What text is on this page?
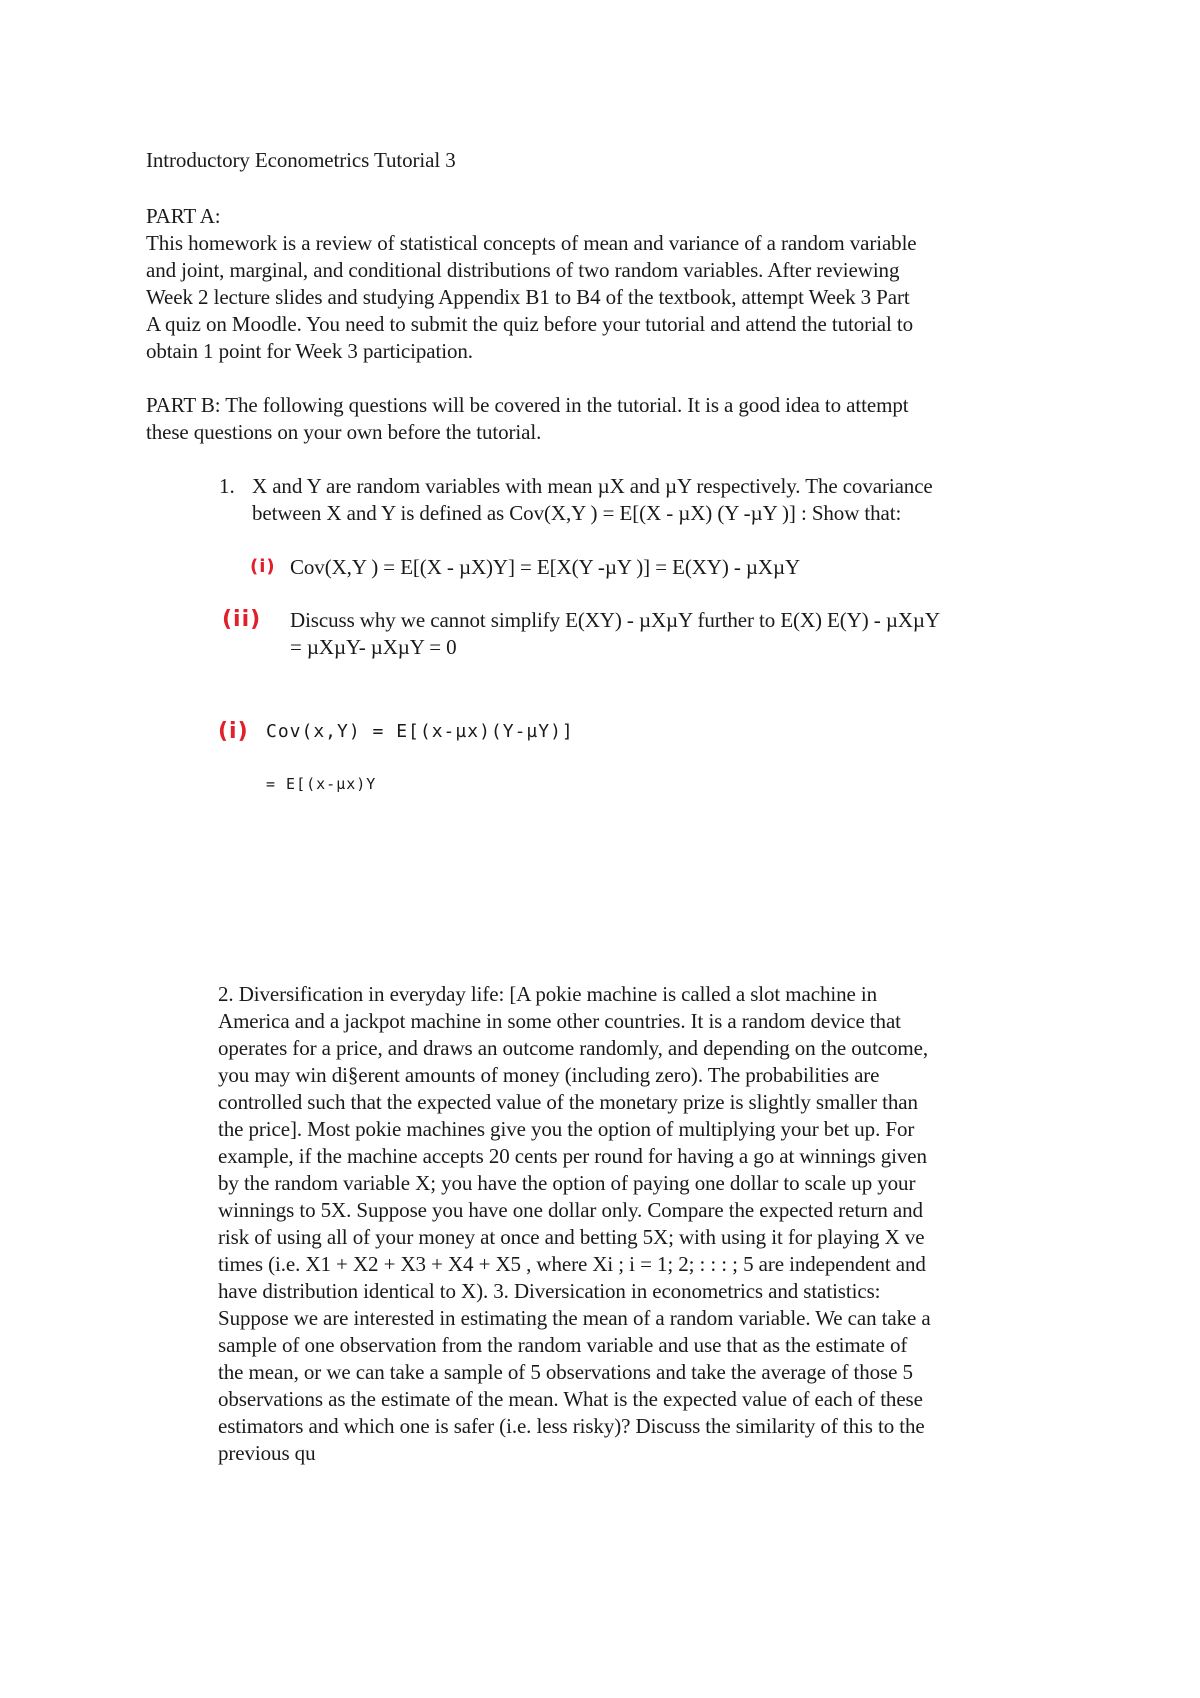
Introductory Econometrics Tutorial 3
PART A:
This homework is a review of statistical concepts of mean and variance of a random variable
and joint, marginal, and conditional distributions of two random variables. After reviewing
Week 2 lecture slides and studying Appendix B1 to B4 of the textbook, attempt Week 3 Part
A quiz on Moodle. You need to submit the quiz before your tutorial and attend the tutorial to
obtain 1 point for Week 3 participation.
PART B: The following questions will be covered in the tutorial. It is a good idea to attempt
these questions on your own before the tutorial.
1. X and Y are random variables with mean µX and µY respectively. The covariance
between X and Y is defined as Cov(X,Y ) = E[(X - µX) (Y -µY )] : Show that:
(i) Cov(X,Y ) = E[(X - µX)Y] = E[X(Y -µY )] = E(XY) - µXµY
(ii) Discuss why we cannot simplify E(XY) - µXµY further to E(X) E(Y) - µXµY
= µXµY- µXµY = 0
(i) Cov(x,Y) = E[(x-µx)(Y-µY)]
= E[(x-µx)Y
2. Diversification in everyday life: [A pokie machine is called a slot machine in
America and a jackpot machine in some other countries. It is a random device that
operates for a price, and draws an outcome randomly, and depending on the outcome,
you may win di§erent amounts of money (including zero). The probabilities are
controlled such that the expected value of the monetary prize is slightly smaller than
the price]. Most pokie machines give you the option of multiplying your bet up. For
example, if the machine accepts 20 cents per round for having a go at winnings given
by the random variable X; you have the option of paying one dollar to scale up your
winnings to 5X. Suppose you have one dollar only. Compare the expected return and
risk of using all of your money at once and betting 5X; with using it for playing X ve
times (i.e. X1 + X2 + X3 + X4 + X5 , where Xi ; i = 1; 2; : : : ; 5 are independent and
have distribution identical to X). 3. Diversication in econometrics and statistics:
Suppose we are interested in estimating the mean of a random variable. We can take a
sample of one observation from the random variable and use that as the estimate of
the mean, or we can take a sample of 5 observations and take the average of those 5
observations as the estimate of the mean. What is the expected value of each of these
estimators and which one is safer (i.e. less risky)? Discuss the similarity of this to the
previous qu
